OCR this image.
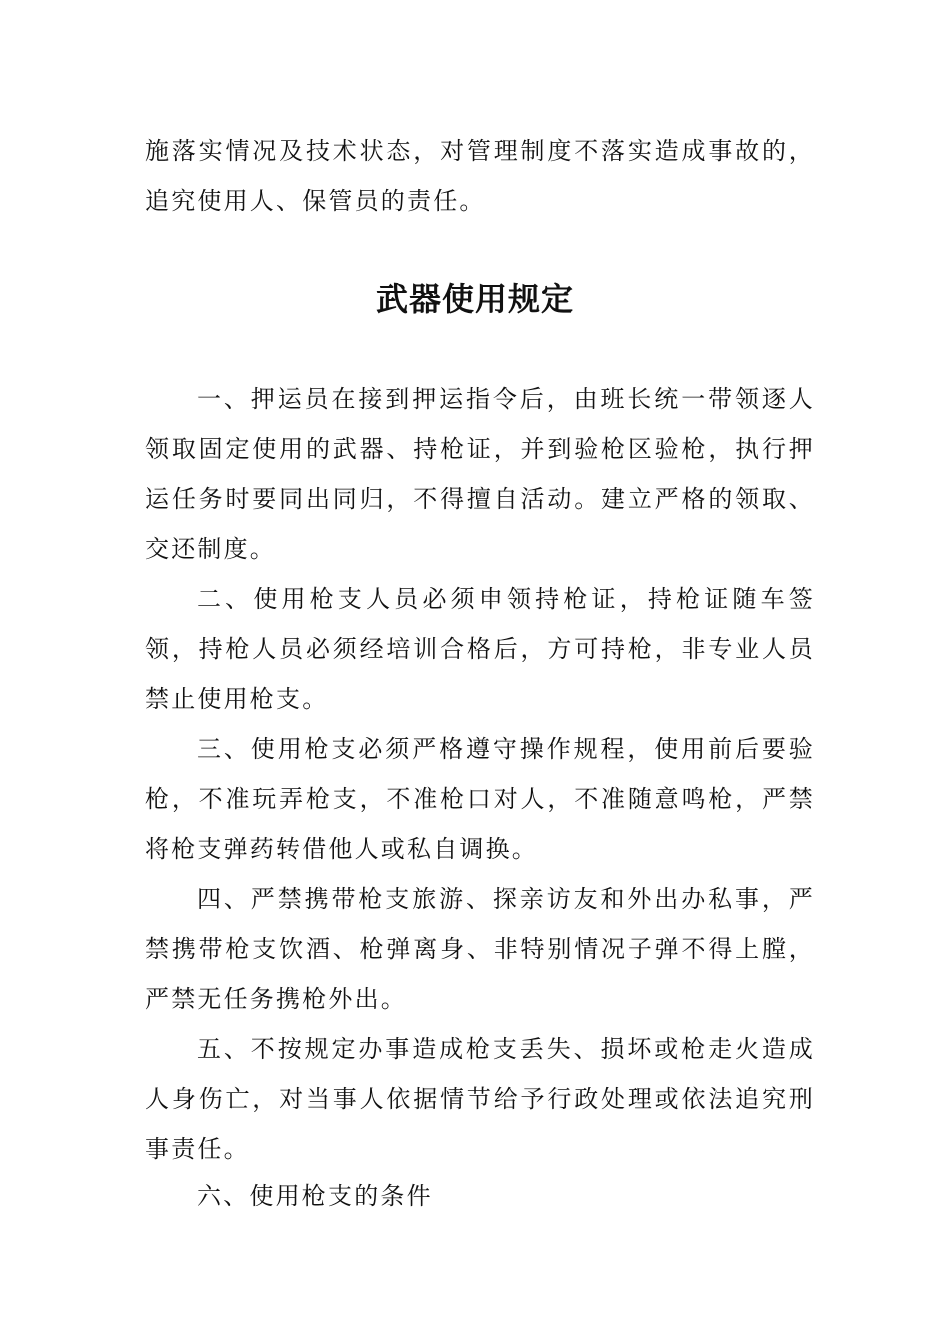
施落实情况及技术状态，对管理制度不落实造成事故的，追究使用人、保管员的责任。

武器使用规定

一、押运员在接到押运指令后，由班长统一带领逐人领取固定使用的武器、持枪证，并到验枪区验枪，执行押运任务时要同出同归，不得擅自活动。建立严格的领取、交还制度。

二、使用枪支人员必须申领持枪证，持枪证随车签领，持枪人员必须经培训合格后，方可持枪，非专业人员禁止使用枪支。

三、使用枪支必须严格遵守操作规程，使用前后要验枪，不准玩弄枪支，不准枪口对人，不准随意鸣枪，严禁将枪支弹药转借他人或私自调换。

四、严禁携带枪支旅游、探亲访友和外出办私事，严禁携带枪支饮酒、枪弹离身、非特别情况子弹不得上膛，严禁无任务携枪外出。

五、不按规定办事造成枪支丢失、损坏或枪走火造成人身伤亡，对当事人依据情节给予行政处理或依法追究刑事责任。

六、使用枪支的条件
